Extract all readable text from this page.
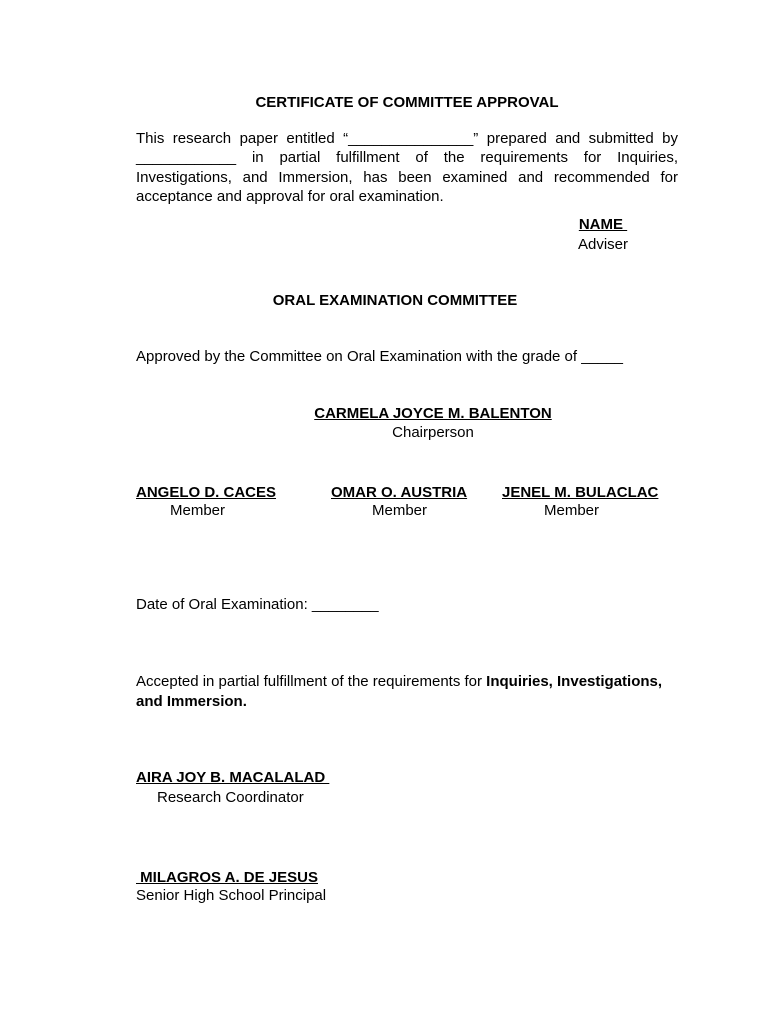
CERTIFICATE OF COMMITTEE APPROVAL
This research paper entitled “_______________” prepared and submitted by ____________ in partial fulfillment of the requirements for Inquiries, Investigations, and Immersion, has been examined and recommended for acceptance and approval for oral examination.
NAME
Adviser
ORAL EXAMINATION COMMITTEE
Approved by the Committee on Oral Examination with the grade of _____
CARMELA JOYCE M. BALENTON
Chairperson
ANGELO D. CACES
Member
OMAR O. AUSTRIA
Member
JENEL M. BULACLAC
Member
Date of Oral Examination: ________
Accepted in partial fulfillment of the requirements for Inquiries, Investigations, and Immersion.
AIRA JOY B. MACALALAD
Research Coordinator
MILAGROS A. DE JESUS
Senior High School Principal
